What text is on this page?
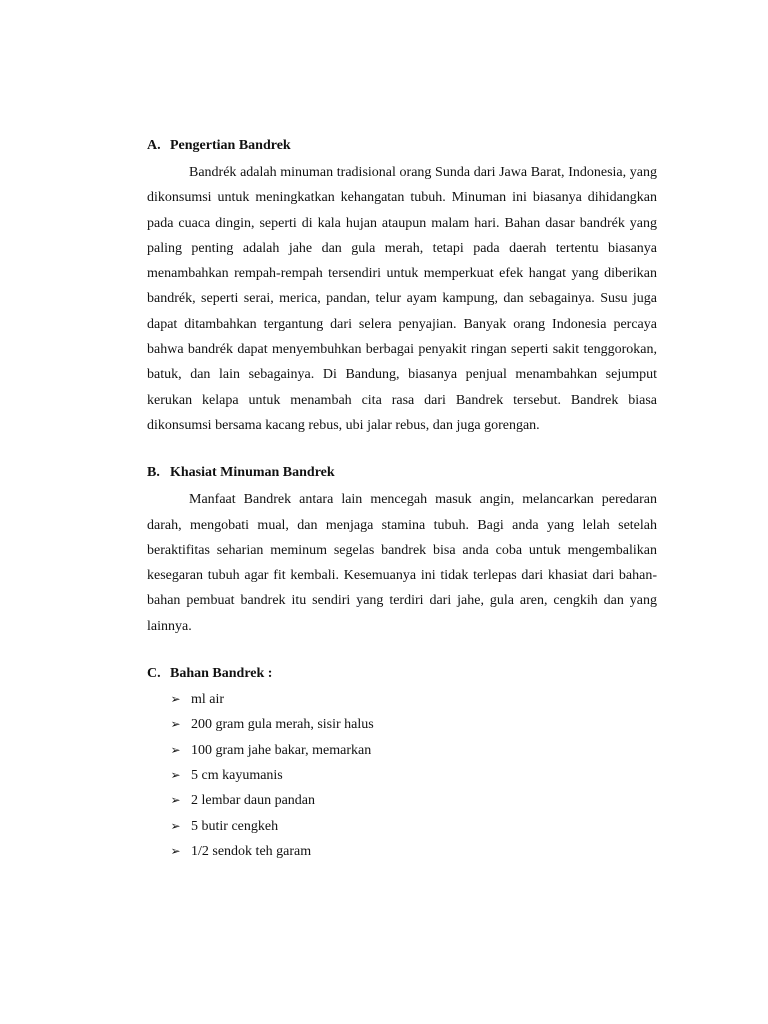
A. Pengertian Bandrek

Bandrék adalah minuman tradisional orang Sunda dari Jawa Barat, Indonesia, yang dikonsumsi untuk meningkatkan kehangatan tubuh. Minuman ini biasanya dihidangkan pada cuaca dingin, seperti di kala hujan ataupun malam hari. Bahan dasar bandrék yang paling penting adalah jahe dan gula merah, tetapi pada daerah tertentu biasanya menambahkan rempah-rempah tersendiri untuk memperkuat efek hangat yang diberikan bandrék, seperti serai, merica, pandan, telur ayam kampung, dan sebagainya. Susu juga dapat ditambahkan tergantung dari selera penyajian. Banyak orang Indonesia percaya bahwa bandrék dapat menyembuhkan berbagai penyakit ringan seperti sakit tenggorokan, batuk, dan lain sebagainya. Di Bandung, biasanya penjual menambahkan sejumput kerukan kelapa untuk menambah cita rasa dari Bandrek tersebut. Bandrek biasa dikonsumsi bersama kacang rebus, ubi jalar rebus, dan juga gorengan.

B. Khasiat Minuman Bandrek

Manfaat Bandrek antara lain mencegah masuk angin, melancarkan peredaran darah, mengobati mual, dan menjaga stamina tubuh. Bagi anda yang lelah setelah beraktifitas seharian meminum segelas bandrek bisa anda coba untuk mengembalikan kesegaran tubuh agar fit kembali. Kesemuanya ini tidak terlepas dari khasiat dari bahan-bahan pembuat bandrek itu sendiri yang terdiri dari jahe, gula aren, cengkih dan yang lainnya.

C. Bahan Bandrek :
➢ ml air
➢ 200 gram gula merah, sisir halus
➢ 100 gram jahe bakar, memarkan
➢ 5 cm kayumanis
➢ 2 lembar daun pandan
➢ 5 butir cengkeh
➢ 1/2 sendok teh garam
